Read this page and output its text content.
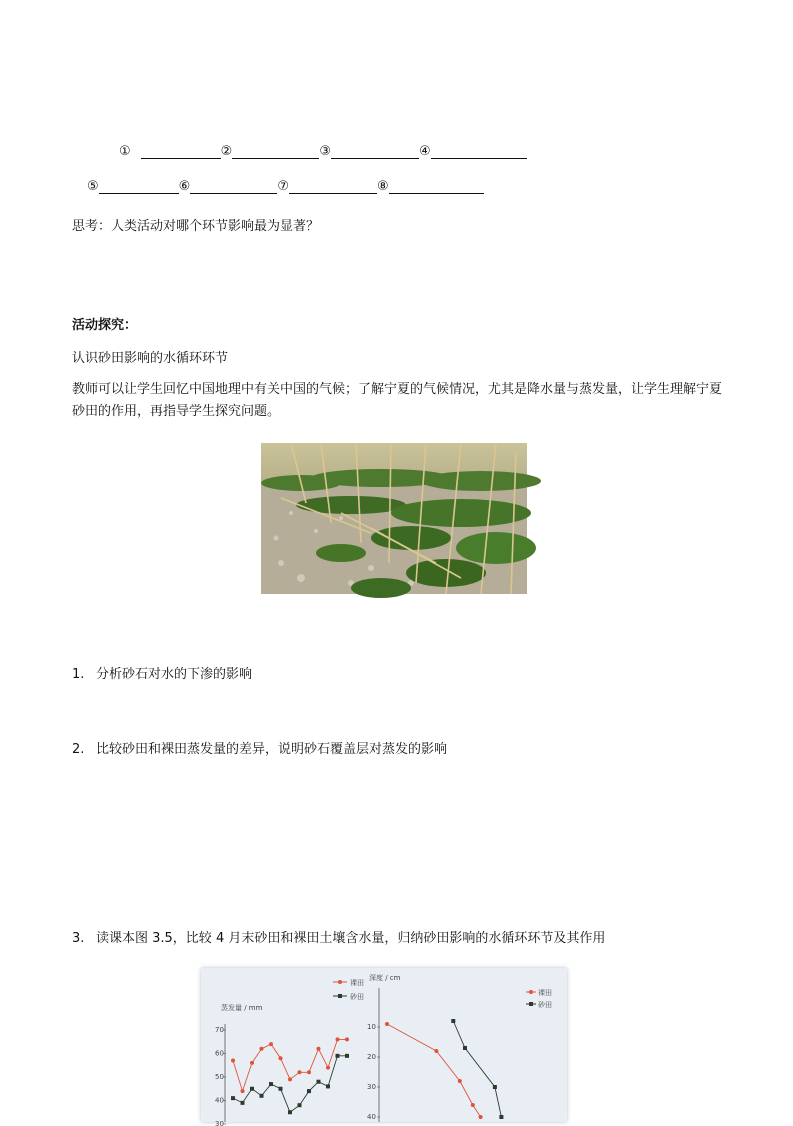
①	②	③	④
⑤	⑥	⑦	⑧
思考：人类活动对哪个环节影响最为显著？
活动探究：
认识砂田影响的水循环环节
教师可以让学生回忆中国地理中有关中国的气候；了解宁夏的气候情况，尤其是降水量与蒸发量，让学生理解宁夏砂田的作用，再指导学生探究问题。
1. 分析砂石对水的下渗的影响
2. 比较砂田和裸田蒸发量的差异，说明砂石覆盖层对蒸发的影响
3. 读课本图 3.5，比较 4 月末砂田和裸田土壤含水量，归纳砂田影响的水循环环节及其作用
蒸发量 / mm
裸田
砂田
70
60
50
40
30
深度 / cm
裸田
砂田
10
20
30
40
